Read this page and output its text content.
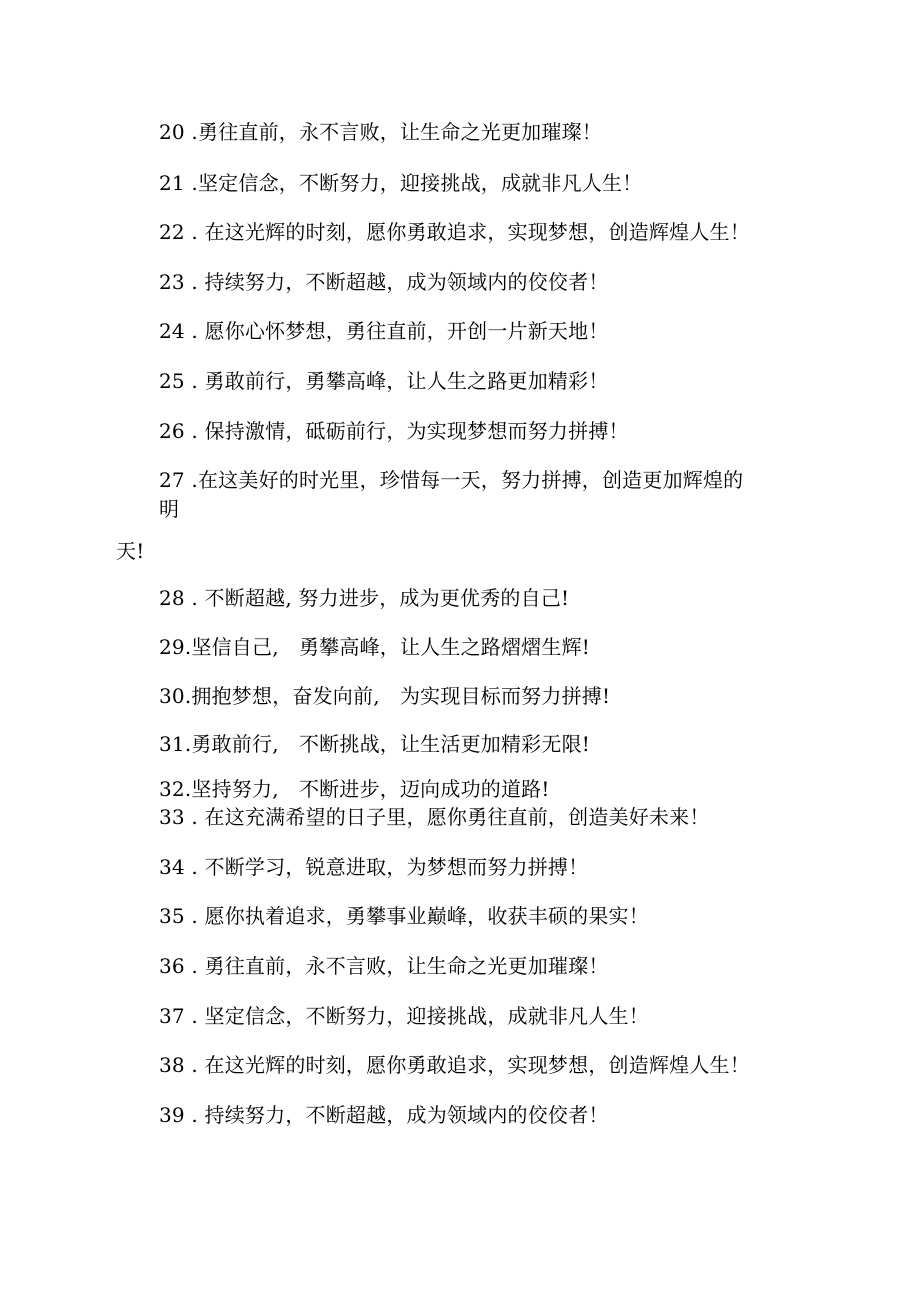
20 .勇往直前，永不言败，让生命之光更加璀璨！
21 .坚定信念，不断努力，迎接挑战，成就非凡人生！
22 . 在这光辉的时刻，愿你勇敢追求，实现梦想，创造辉煌人生！
23 . 持续努力，不断超越，成为领域内的佼佼者！
24 . 愿你心怀梦想，勇往直前，开创一片新天地！
25 . 勇敢前行，勇攀高峰，让人生之路更加精彩！
26 . 保持激情，砥砺前行，为实现梦想而努力拼搏！
27 .在这美好的时光里，珍惜每一天，努力拼搏，创造更加辉煌的
明
天!
28 . 不断超越, 努力进步，成为更优秀的自己!
29.坚信自己,　勇攀高峰，让人生之路熠熠生辉!
30.拥抱梦想，奋发向前,　为实现目标而努力拼搏!
31.勇敢前行,　不断挑战，让生活更加精彩无限!
32.坚持努力,　不断进步，迈向成功的道路!
33 . 在这充满希望的日子里，愿你勇往直前，创造美好未来！
34 . 不断学习，锐意进取，为梦想而努力拼搏！
35 . 愿你执着追求，勇攀事业巅峰，收获丰硕的果实！
36 . 勇往直前，永不言败，让生命之光更加璀璨！
37 . 坚定信念，不断努力，迎接挑战，成就非凡人生！
38 . 在这光辉的时刻，愿你勇敢追求，实现梦想，创造辉煌人生！
39 . 持续努力，不断超越，成为领域内的佼佼者！
